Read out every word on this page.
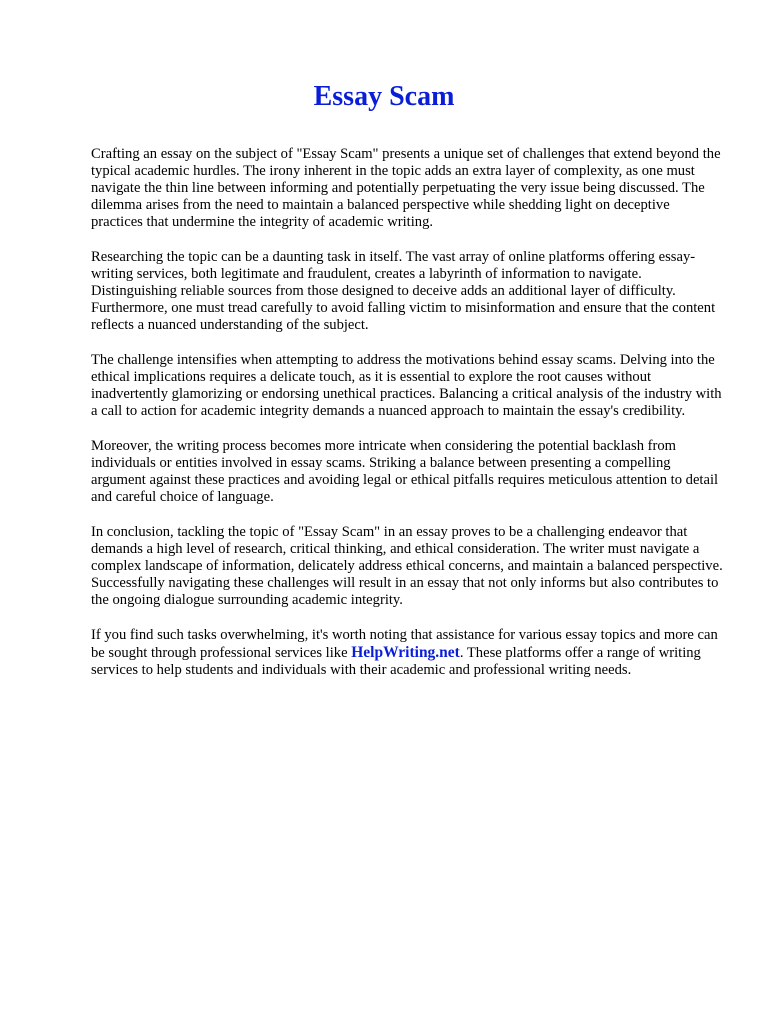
Essay Scam

Crafting an essay on the subject of "Essay Scam" presents a unique set of challenges that extend beyond the typical academic hurdles. The irony inherent in the topic adds an extra layer of complexity, as one must navigate the thin line between informing and potentially perpetuating the very issue being discussed. The dilemma arises from the need to maintain a balanced perspective while shedding light on deceptive practices that undermine the integrity of academic writing.

Researching the topic can be a daunting task in itself. The vast array of online platforms offering essay-writing services, both legitimate and fraudulent, creates a labyrinth of information to navigate. Distinguishing reliable sources from those designed to deceive adds an additional layer of difficulty. Furthermore, one must tread carefully to avoid falling victim to misinformation and ensure that the content reflects a nuanced understanding of the subject.

The challenge intensifies when attempting to address the motivations behind essay scams. Delving into the ethical implications requires a delicate touch, as it is essential to explore the root causes without inadvertently glamorizing or endorsing unethical practices. Balancing a critical analysis of the industry with a call to action for academic integrity demands a nuanced approach to maintain the essay's credibility.

Moreover, the writing process becomes more intricate when considering the potential backlash from individuals or entities involved in essay scams. Striking a balance between presenting a compelling argument against these practices and avoiding legal or ethical pitfalls requires meticulous attention to detail and careful choice of language.

In conclusion, tackling the topic of "Essay Scam" in an essay proves to be a challenging endeavor that demands a high level of research, critical thinking, and ethical consideration. The writer must navigate a complex landscape of information, delicately address ethical concerns, and maintain a balanced perspective. Successfully navigating these challenges will result in an essay that not only informs but also contributes to the ongoing dialogue surrounding academic integrity.

If you find such tasks overwhelming, it's worth noting that assistance for various essay topics and more can be sought through professional services like HelpWriting.net. These platforms offer a range of writing services to help students and individuals with their academic and professional writing needs.
